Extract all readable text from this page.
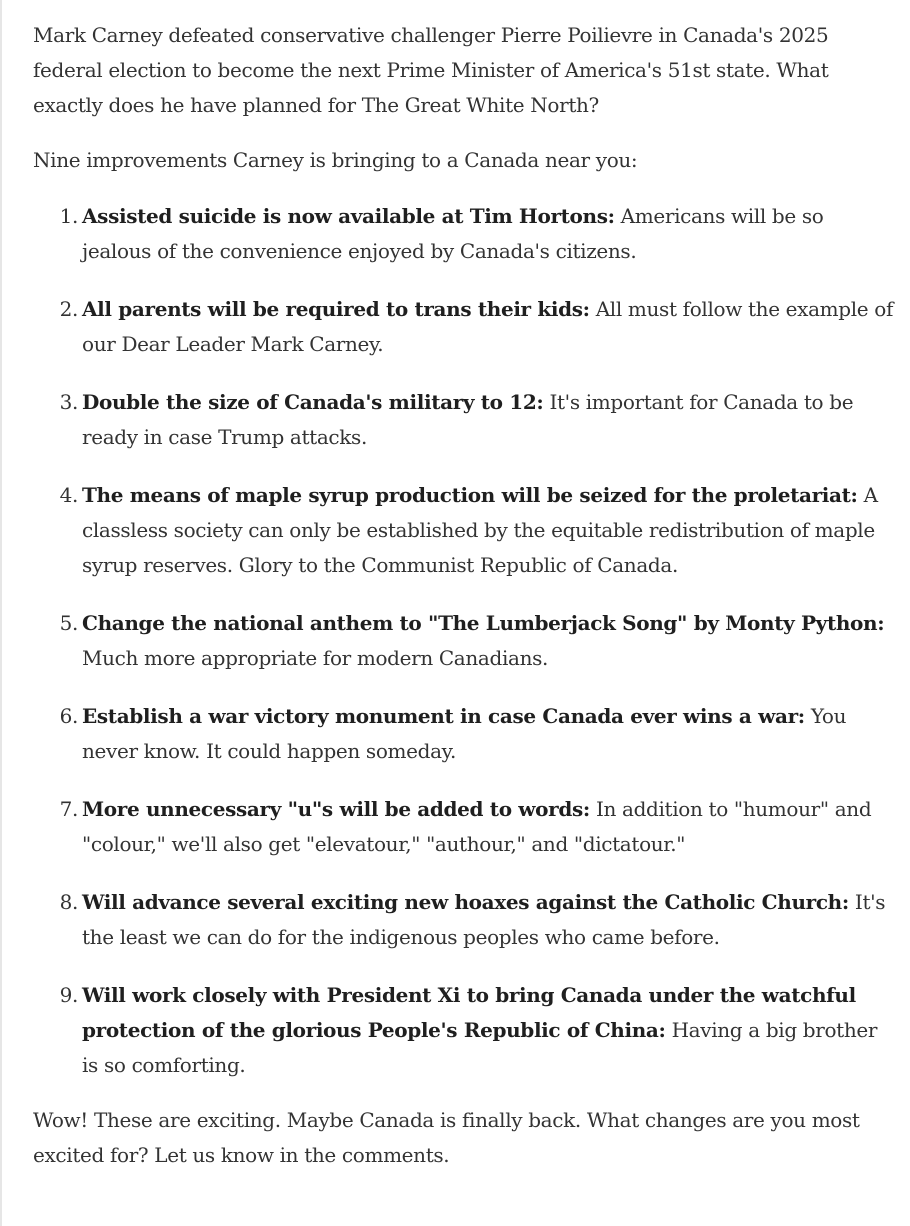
Mark Carney defeated conservative challenger Pierre Poilievre in Canada's 2025 federal election to become the next Prime Minister of America's 51st state. What exactly does he have planned for The Great White North?

Nine improvements Carney is bringing to a Canada near you:

1. Assisted suicide is now available at Tim Hortons: Americans will be so jealous of the convenience enjoyed by Canada's citizens.
2. All parents will be required to trans their kids: All must follow the example of our Dear Leader Mark Carney.
3. Double the size of Canada's military to 12: It's important for Canada to be ready in case Trump attacks.
4. The means of maple syrup production will be seized for the proletariat: A classless society can only be established by the equitable redistribution of maple syrup reserves. Glory to the Communist Republic of Canada.
5. Change the national anthem to "The Lumberjack Song" by Monty Python: Much more appropriate for modern Canadians.
6. Establish a war victory monument in case Canada ever wins a war: You never know. It could happen someday.
7. More unnecessary "u"s will be added to words: In addition to "humour" and "colour," we'll also get "elevatour," "authour," and "dictatour."
8. Will advance several exciting new hoaxes against the Catholic Church: It's the least we can do for the indigenous peoples who came before.
9. Will work closely with President Xi to bring Canada under the watchful protection of the glorious People's Republic of China: Having a big brother is so comforting.

Wow! These are exciting. Maybe Canada is finally back. What changes are you most excited for? Let us know in the comments.
